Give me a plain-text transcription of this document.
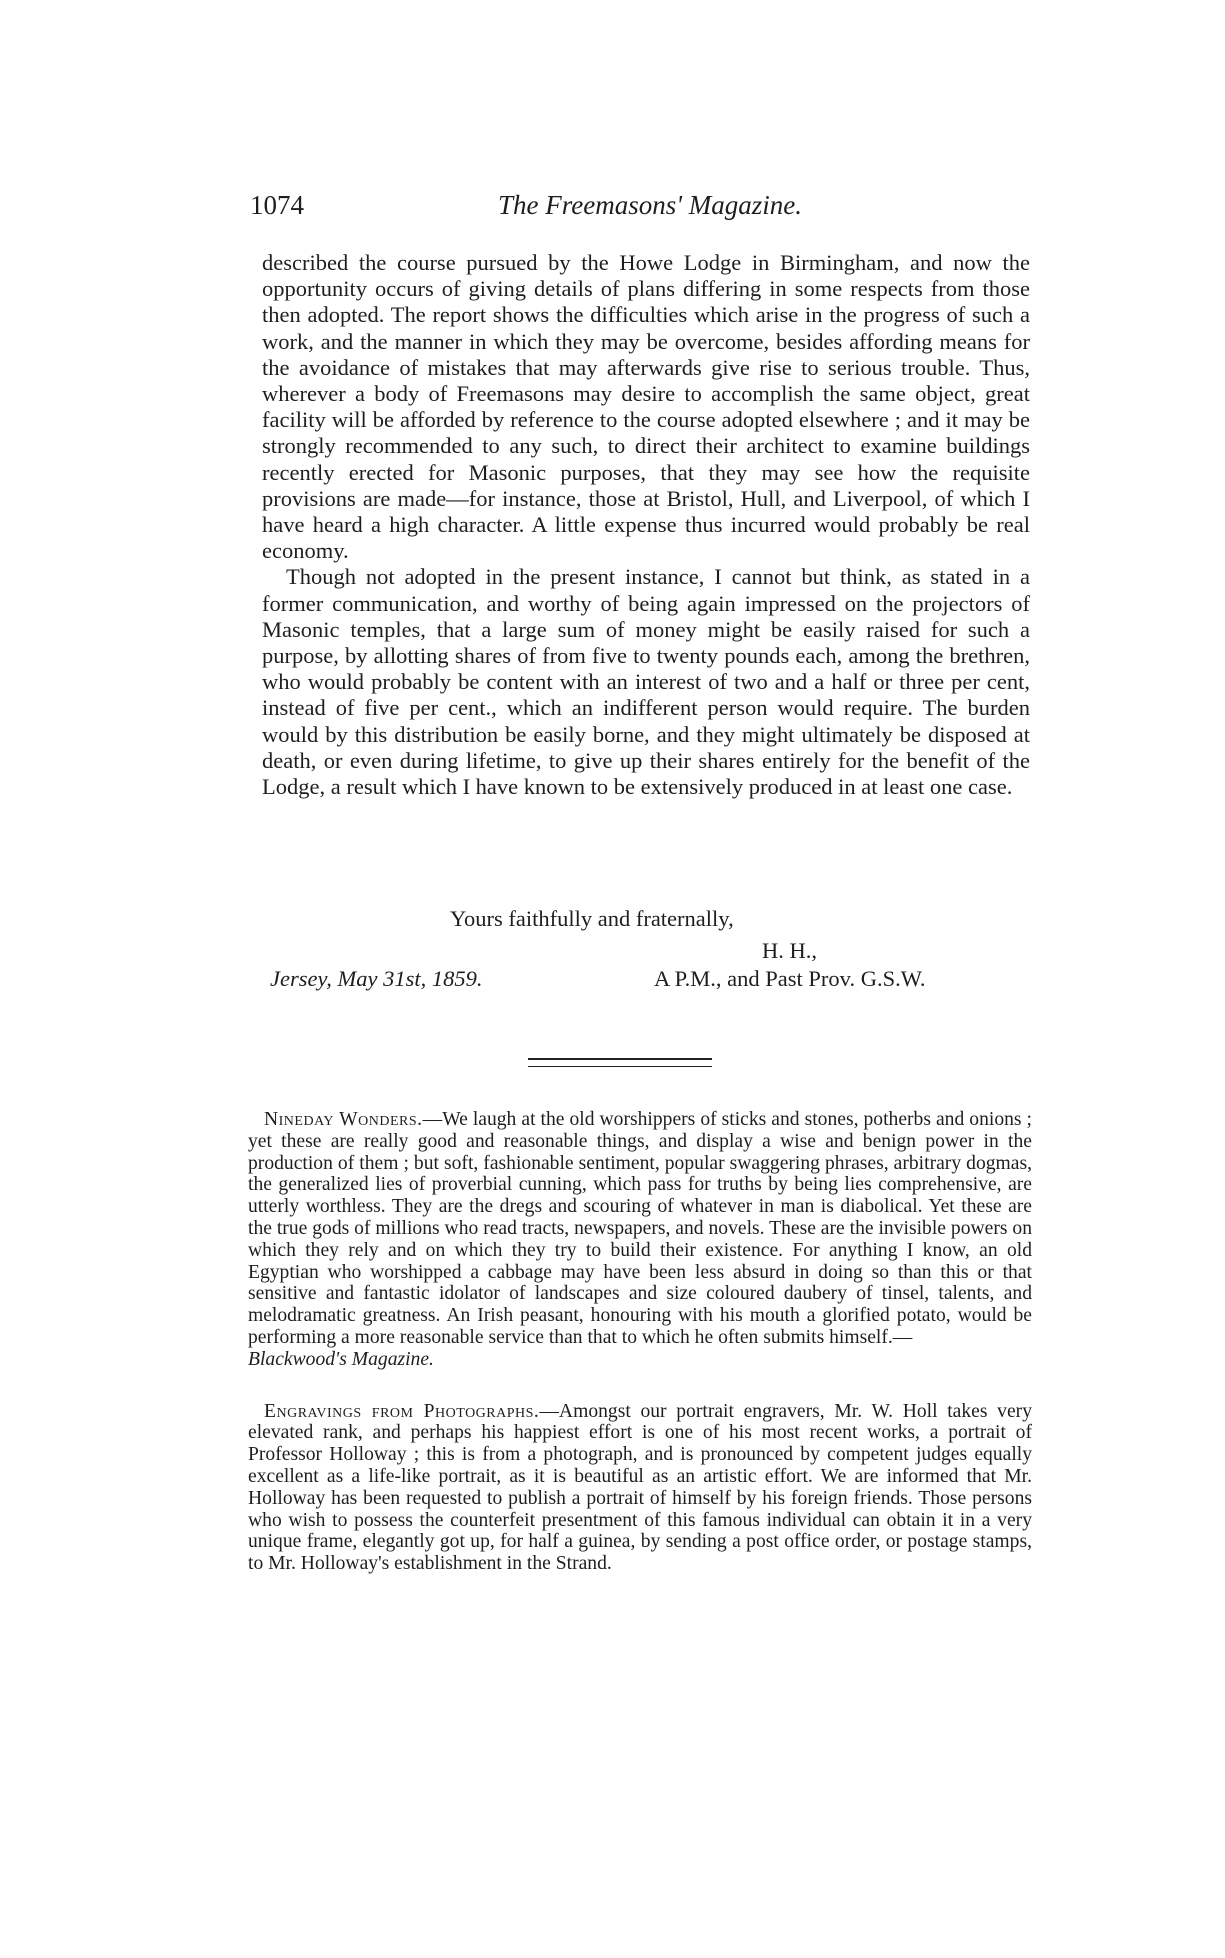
1074	The Freemasons' Magazine.

described the course pursued by the Howe Lodge in Birmingham, and now the opportunity occurs of giving details of plans differing in some respects from those then adopted. The report shows the difficulties which arise in the progress of such a work, and the manner in which they may be overcome, besides affording means for the avoidance of mistakes that may afterwards give rise to serious trouble. Thus, wherever a body of Freemasons may desire to accomplish the same object, great facility will be afforded by reference to the course adopted elsewhere ; and it may be strongly recommended to any such, to direct their architect to examine buildings recently erected for Masonic purposes, that they may see how the requisite provisions are made—for instance, those at Bristol, Hull, and Liverpool, of which I have heard a high character. A little expense thus incurred would probably be real economy.

Though not adopted in the present instance, I cannot but think, as stated in a former communication, and worthy of being again impressed on the projectors of Masonic temples, that a large sum of money might be easily raised for such a purpose, by allotting shares of from five to twenty pounds each, among the brethren, who would probably be content with an interest of two and a half or three per cent, instead of five per cent., which an indifferent person would require. The burden would by this distribution be easily borne, and they might ultimately be disposed at death, or even during lifetime, to give up their shares entirely for the benefit of the Lodge, a result which I have known to be extensively produced in at least one case.

Yours faithfully and fraternally,
H. H.,
Jersey, May 31st, 1859.	A P.M., and Past Prov. G.S.W.

Nineday Wonders.—We laugh at the old worshippers of sticks and stones, potherbs and onions ; yet these are really good and reasonable things, and display a wise and benign power in the production of them ; but soft, fashionable sentiment, popular swaggering phrases, arbitrary dogmas, the generalized lies of proverbial cunning, which pass for truths by being lies comprehensive, are utterly worthless. They are the dregs and scouring of whatever in man is diabolical. Yet these are the true gods of millions who read tracts, newspapers, and novels. These are the invisible powers on which they rely and on which they try to build their existence. For anything I know, an old Egyptian who worshipped a cabbage may have been less absurd in doing so than this or that sensitive and fantastic idolator of landscapes and size coloured daubery of tinsel, talents, and melodramatic greatness. An Irish peasant, honouring with his mouth a glorified potato, would be performing a more reasonable service than that to which he often submits himself.—
Blackwood's Magazine.

Engravings from Photographs.—Amongst our portrait engravers, Mr. W. Holl takes very elevated rank, and perhaps his happiest effort is one of his most recent works, a portrait of Professor Holloway ; this is from a photograph, and is pronounced by competent judges equally excellent as a life-like portrait, as it is beautiful as an artistic effort. We are informed that Mr. Holloway has been requested to publish a portrait of himself by his foreign friends. Those persons who wish to possess the counterfeit presentment of this famous individual can obtain it in a very unique frame, elegantly got up, for half a guinea, by sending a post office order, or postage stamps, to Mr. Holloway's establishment in the Strand.
